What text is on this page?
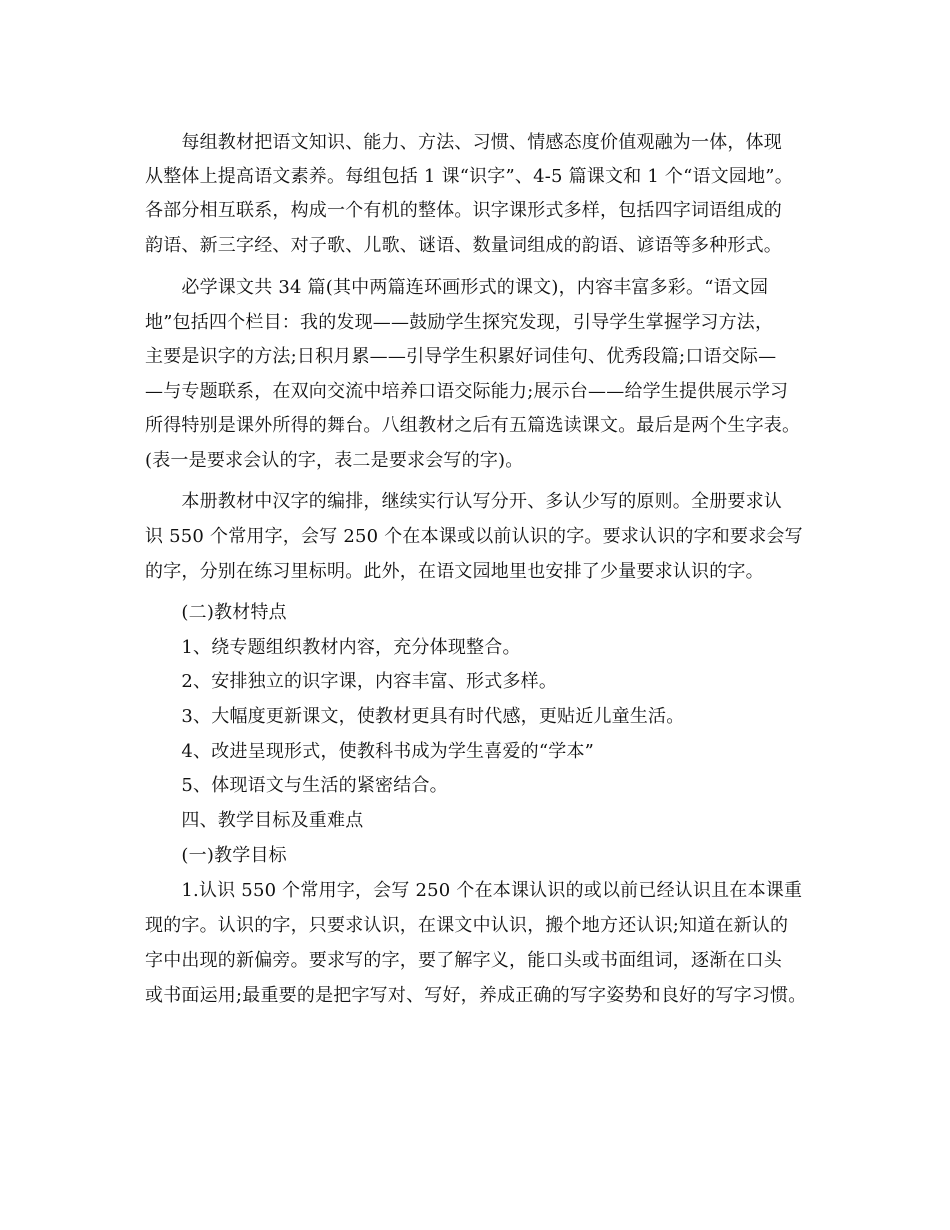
　　每组教材把语文知识、能力、方法、习惯、情感态度价值观融为一体，体现
从整体上提高语文素养。每组包括 1 课“识字”、4-5 篇课文和 1 个“语文园地”。
各部分相互联系，构成一个有机的整体。识字课形式多样，包括四字词语组成的
韵语、新三字经、对子歌、儿歌、谜语、数量词组成的韵语、谚语等多种形式。
　　必学课文共 34 篇(其中两篇连环画形式的课文)，内容丰富多彩。“语文园
地”包括四个栏目：我的发现——鼓励学生探究发现，引导学生掌握学习方法，
主要是识字的方法;日积月累——引导学生积累好词佳句、优秀段篇;口语交际—
—与专题联系，在双向交流中培养口语交际能力;展示台——给学生提供展示学习
所得特别是课外所得的舞台。八组教材之后有五篇选读课文。最后是两个生字表。
(表一是要求会认的字，表二是要求会写的字)。
　　本册教材中汉字的编排，继续实行认写分开、多认少写的原则。全册要求认
识 550 个常用字，会写 250 个在本课或以前认识的字。要求认识的字和要求会写
的字，分别在练习里标明。此外，在语文园地里也安排了少量要求认识的字。
　　(二)教材特点
　　1、绕专题组织教材内容，充分体现整合。
　　2、安排独立的识字课，内容丰富、形式多样。
　　3、大幅度更新课文，使教材更具有时代感，更贴近儿童生活。
　　4、改进呈现形式，使教科书成为学生喜爱的“学本”
　　5、体现语文与生活的紧密结合。
　　四、教学目标及重难点
　　(一)教学目标
　　1.认识 550 个常用字，会写 250 个在本课认识的或以前已经认识且在本课重
现的字。认识的字，只要求认识，在课文中认识，搬个地方还认识;知道在新认的
字中出现的新偏旁。要求写的字，要了解字义，能口头或书面组词，逐渐在口头
或书面运用;最重要的是把字写对、写好，养成正确的写字姿势和良好的写字习惯。
